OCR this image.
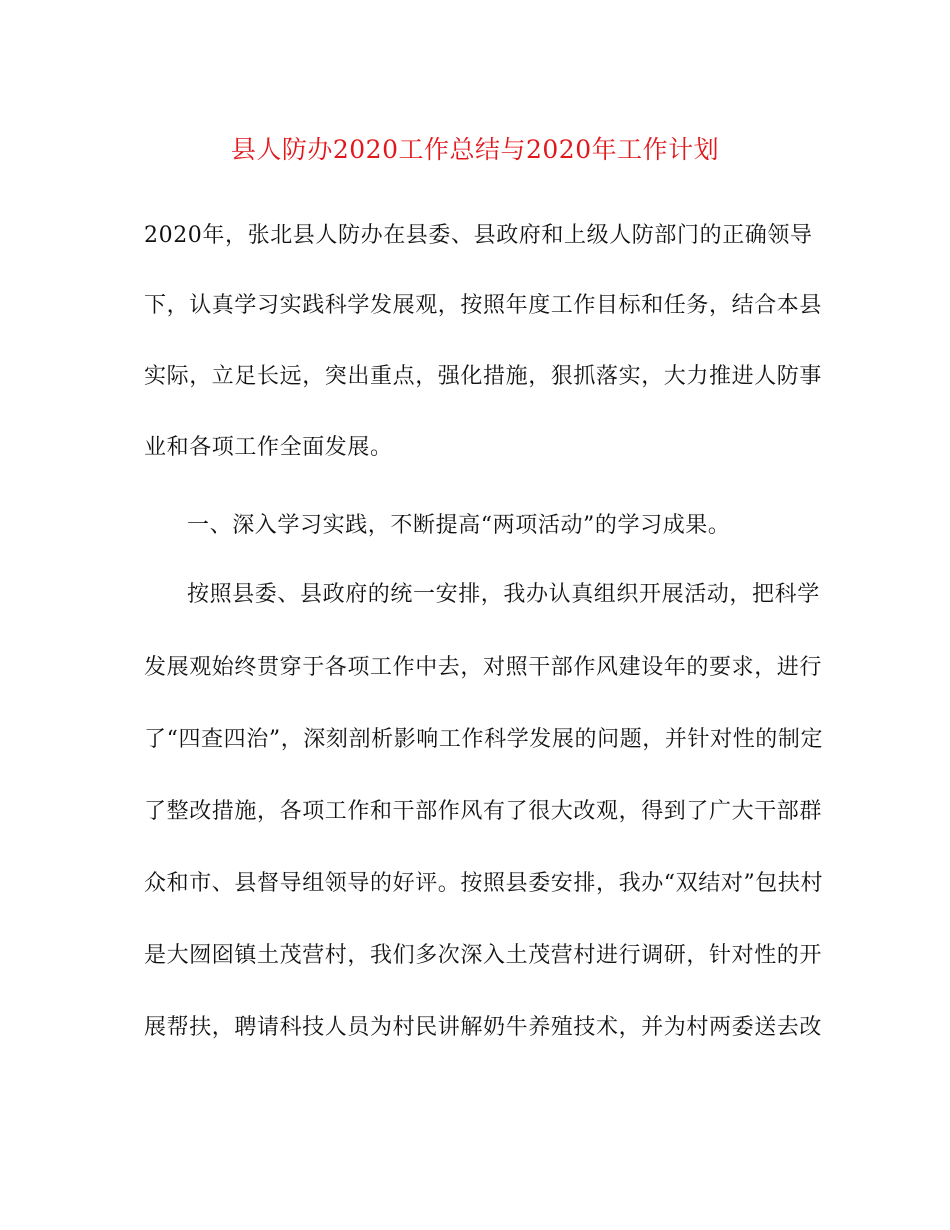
县人防办2020工作总结与2020年工作计划
2020年，张北县人防办在县委、县政府和上级人防部门的正确领导
下，认真学习实践科学发展观，按照年度工作目标和任务，结合本县
实际，立足长远，突出重点，强化措施，狠抓落实，大力推进人防事
业和各项工作全面发展。
一、深入学习实践，不断提高“两项活动”的学习成果。
按照县委、县政府的统一安排，我办认真组织开展活动，把科学
发展观始终贯穿于各项工作中去，对照干部作风建设年的要求，进行
了“四查四治”，深刻剖析影响工作科学发展的问题，并针对性的制定
了整改措施，各项工作和干部作风有了很大改观，得到了广大干部群
众和市、县督导组领导的好评。按照县委安排，我办“双结对”包扶村
是大囫囵镇土茂营村，我们多次深入土茂营村进行调研，针对性的开
展帮扶，聘请科技人员为村民讲解奶牛养殖技术，并为村两委送去改
